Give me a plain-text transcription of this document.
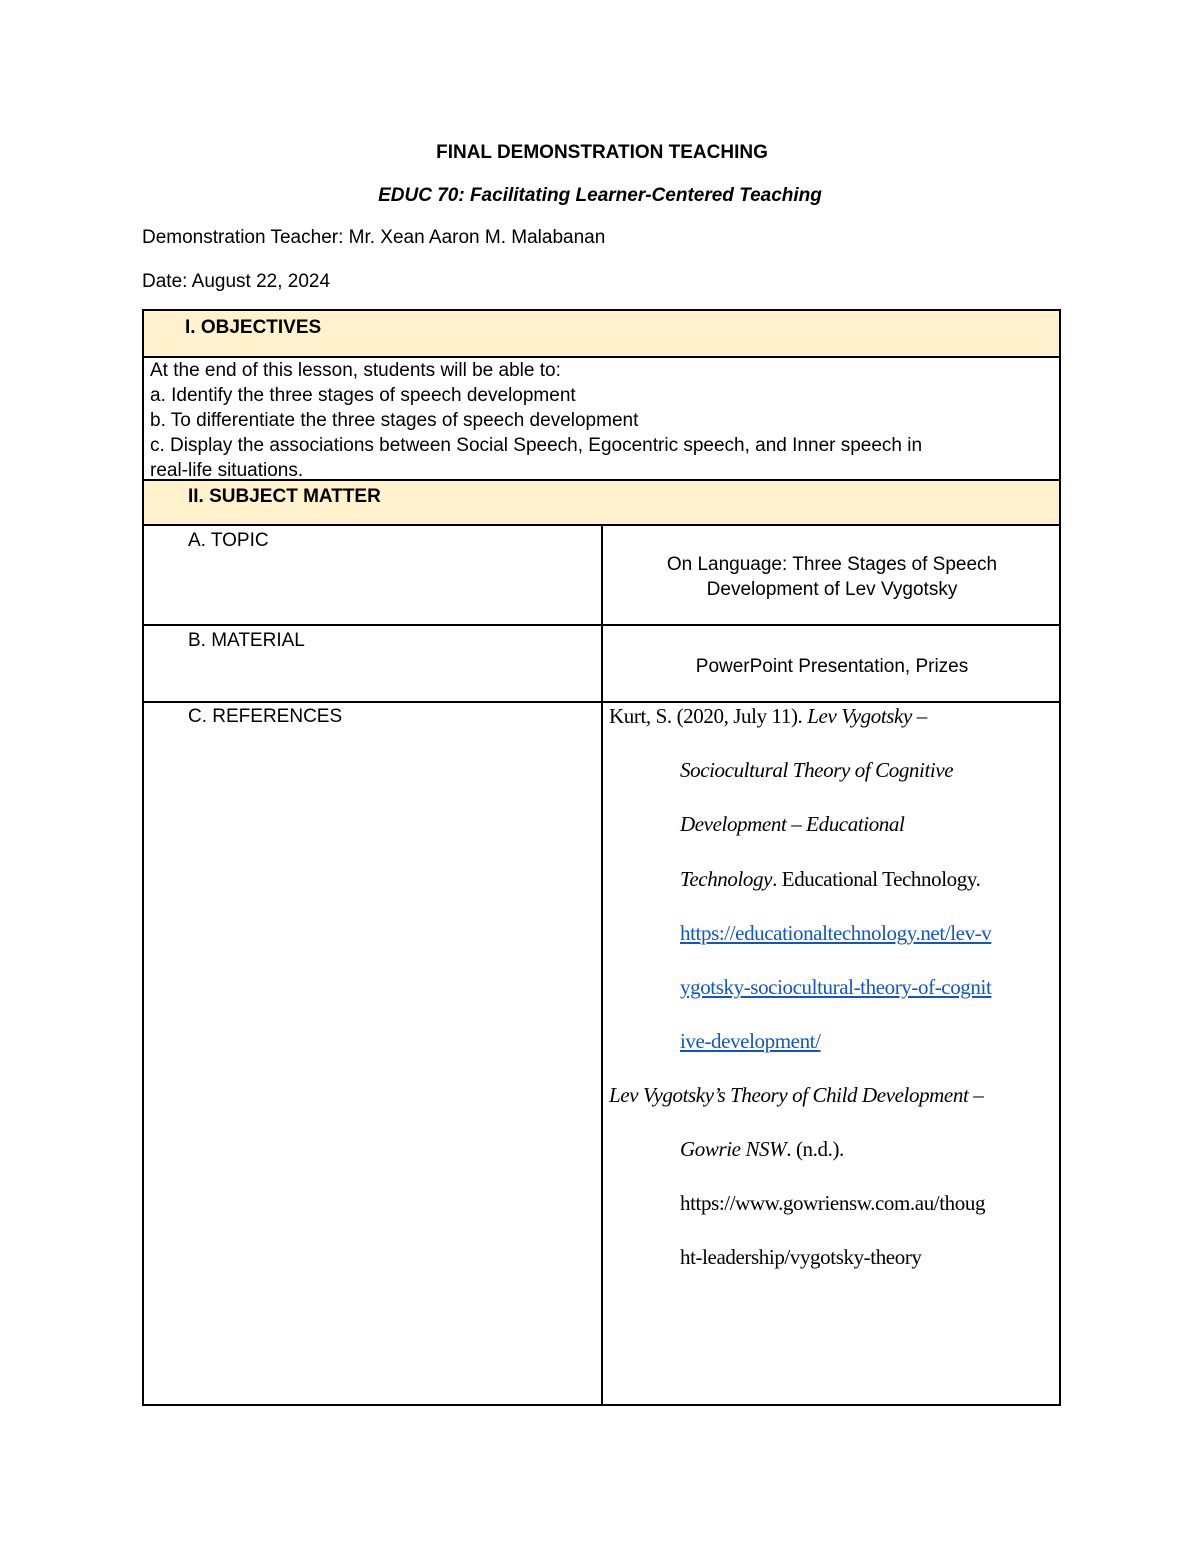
FINAL DEMONSTRATION TEACHING
EDUC 70: Facilitating Learner-Centered Teaching
Demonstration Teacher: Mr. Xean Aaron M. Malabanan
Date: August 22, 2024
I. OBJECTIVES
At the end of this lesson, students will be able to:
a. Identify the three stages of speech development
b. To differentiate the three stages of speech development
c. Display the associations between Social Speech, Egocentric speech, and Inner speech in
real-life situations.
II. SUBJECT MATTER
A. TOPIC
On Language: Three Stages of Speech
Development of Lev Vygotsky
B. MATERIAL
PowerPoint Presentation, Prizes
C. REFERENCES	Kurt, S. (2020, July 11). Lev Vygotsky –
Sociocultural Theory of Cognitive
Development – Educational
Technology. Educational Technology.
https://educationaltechnology.net/lev-v
ygotsky-sociocultural-theory-of-cognit
ive-development/
Lev Vygotsky’s Theory of Child Development –
Gowrie NSW. (n.d.).
https://www.gowriensw.com.au/thoug
ht-leadership/vygotsky-theory
